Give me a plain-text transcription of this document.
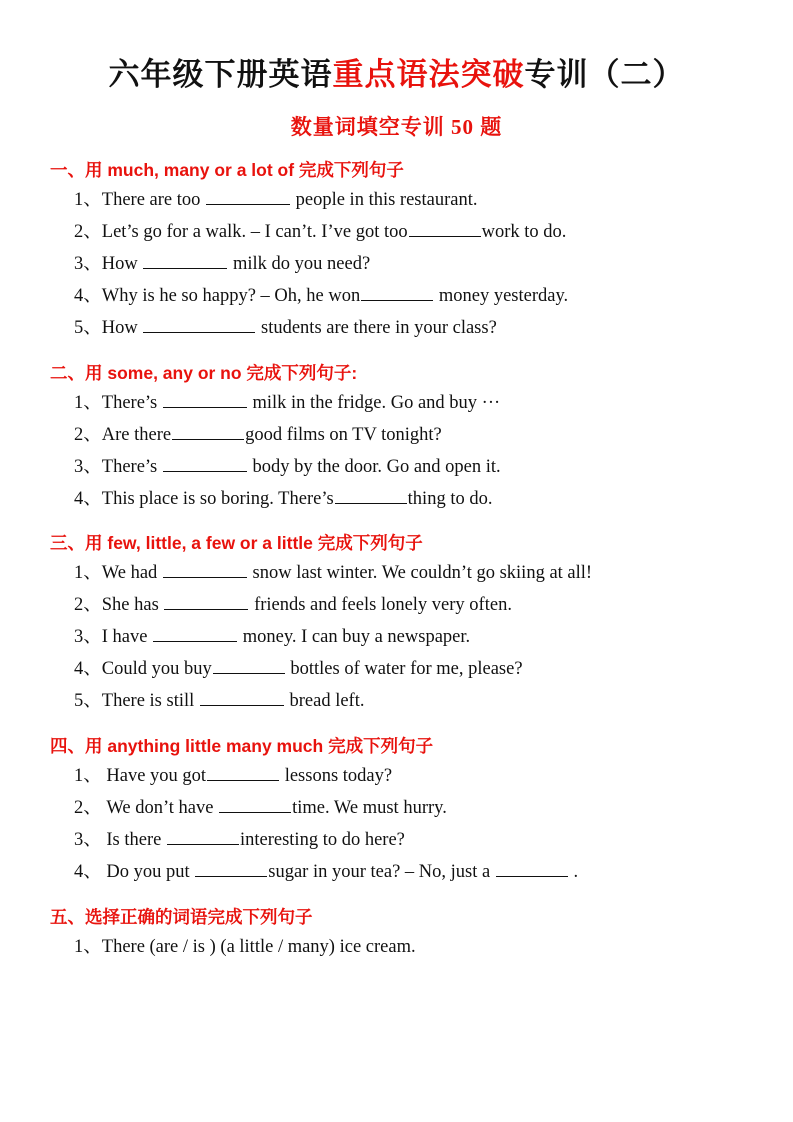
六年级下册英语重点语法突破专训（二）
数量词填空专训 50 题
一、用 much, many or a lot of 完成下列句子

1、There are too	people in this restaurant.

2、Let’s go for a walk. – I can’t. I’ve got too	work to do.

3、How	milk do you need?

4、Why is he so happy? – Oh, he won	money yesterday.

5、How	students are there in your class?

二、用 some, any or no 完成下列句子:

1、There’s	milk in the fridge. Go and buy ···

2、Are there	good films on TV tonight?

3、There’s	body by the door. Go and open it.

4、This place is so boring. There’s	thing to do.

三、用 few, little, a few or a little 完成下列句子

1、We had	snow last winter. We couldn’t go skiing at all!

2、She has	friends and feels lonely very often.

3、I have	money. I can buy a newspaper.

4、Could you buy	bottles of water for me, please?

5、There is still	bread left.

四、用 anything little many much 完成下列句子

1、 Have you got	lessons today?

2、 We don’t have	time. We must hurry.

3、 Is there	interesting to do here?

4、 Do you put	sugar in your tea? – No, just a	.

五、选择正确的词语完成下列句子

1、There (are / is ) (a little / many) ice cream.
